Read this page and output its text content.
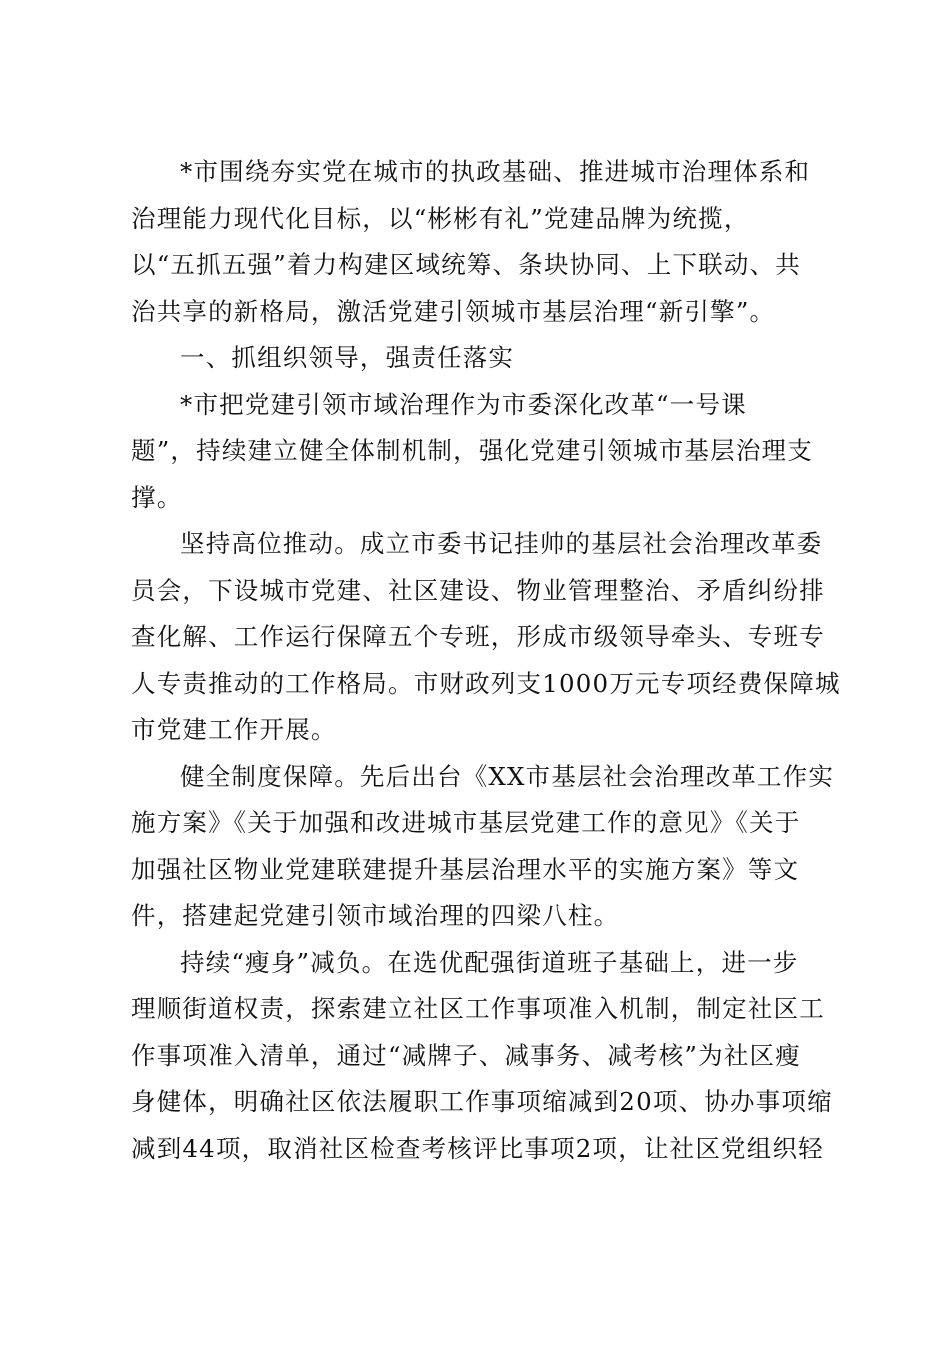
*市围绕夯实党在城市的执政基础、推进城市治理体系和
治理能力现代化目标，以“彬彬有礼”党建品牌为统揽，
以“五抓五强”着力构建区域统筹、条块协同、上下联动、共
治共享的新格局，激活党建引领城市基层治理“新引擎”。
一、抓组织领导，强责任落实
*市把党建引领市域治理作为市委深化改革“一号课
题”，持续建立健全体制机制，强化党建引领城市基层治理支
撑。
坚持高位推动。成立市委书记挂帅的基层社会治理改革委
员会，下设城市党建、社区建设、物业管理整治、矛盾纠纷排
查化解、工作运行保障五个专班，形成市级领导牵头、专班专
人专责推动的工作格局。市财政列支1000万元专项经费保障城
市党建工作开展。
健全制度保障。先后出台《XX市基层社会治理改革工作实
施方案》《关于加强和改进城市基层党建工作的意见》《关于
加强社区物业党建联建提升基层治理水平的实施方案》等文
件，搭建起党建引领市域治理的四梁八柱。
持续“瘦身”减负。在选优配强街道班子基础上，进一步
理顺街道权责，探索建立社区工作事项准入机制，制定社区工
作事项准入清单，通过“减牌子、减事务、减考核”为社区瘦
身健体，明确社区依法履职工作事项缩减到20项、协办事项缩
减到44项，取消社区检查考核评比事项2项，让社区党组织轻
